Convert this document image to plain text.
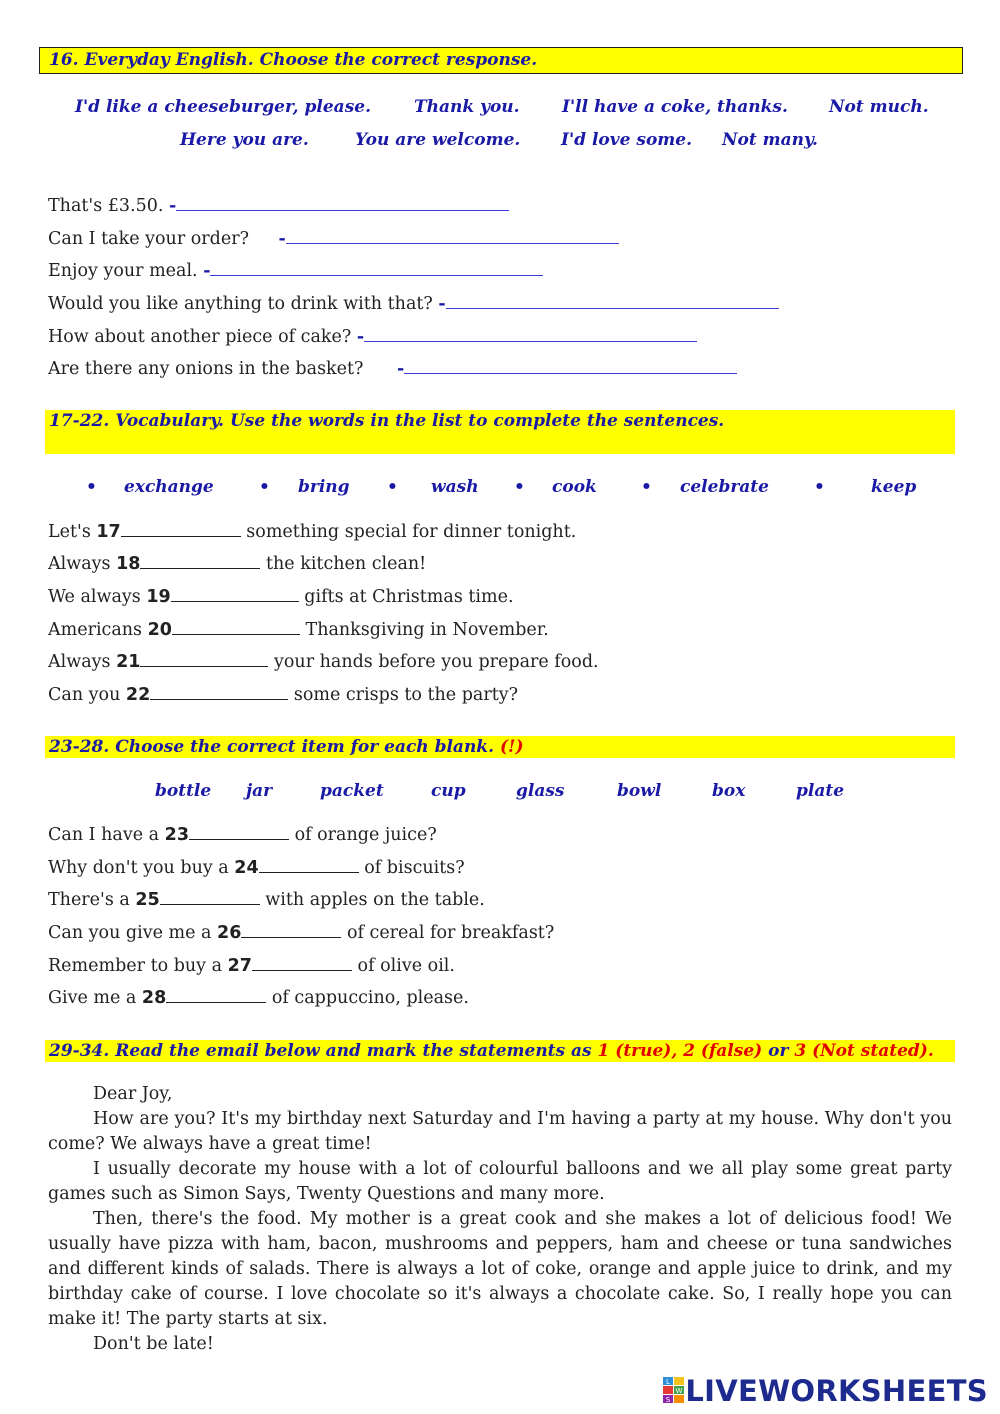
16. Everyday English. Choose the correct response.
I'd like a cheeseburger, please.	Thank you. I'll have a coke, thanks. Not much.
Here you are.	You are welcome. I'd love some. Not many.
That's £3.50. -
Can I take your order? -
Enjoy your meal. -
Would you like anything to drink with that? -
How about another piece of cake? -
Are there any onions in the basket? -
17-22. Vocabulary. Use the words in the list to complete the sentences.
• exchange	• bring • wash • cook	• celebrate	•	keep
Let's 17	something special for dinner tonight.
Always 18	the kitchen clean!
We always 19	gifts at Christmas time.
Americans 20	Thanksgiving in November.
Always 21	your hands before you prepare food.
Can you 22	some crisps to the party?
23-28. Choose the correct item for each blank. (!)
bottle jar	packet	cup	glass	bowl	box	plate
Can I have a 23	of orange juice?
Why don't you buy a 24	of biscuits?
There's a 25	with apples on the table.
Can you give me a 26	of cereal for breakfast?
Remember to buy a 27	of olive oil.
Give me a 28	of cappuccino, please.
29-34. Read the email below and mark the statements as 1 (true), 2 (false) or 3 (Not stated).

Dear Joy,

How are you? It's my birthday next Saturday and I'm having a party at my house. Why don't you come? We always have a great time!

I usually decorate my house with a lot of colourful balloons and we all play some great party games such as Simon Says, Twenty Questions and many more.

Then, there's the food. My mother is a great cook and she makes a lot of delicious food! We usually have pizza with ham, bacon, mushrooms and peppers, ham and cheese or tuna sandwiches and different kinds of salads. There is always a lot of coke, orange and apple juice to drink, and my birthday cake of course. I love chocolate so it's always a chocolate cake. So, I really hope you can make it! The party starts at six.

Don't be late!

L
W
S LIVEWORKSHEETS
